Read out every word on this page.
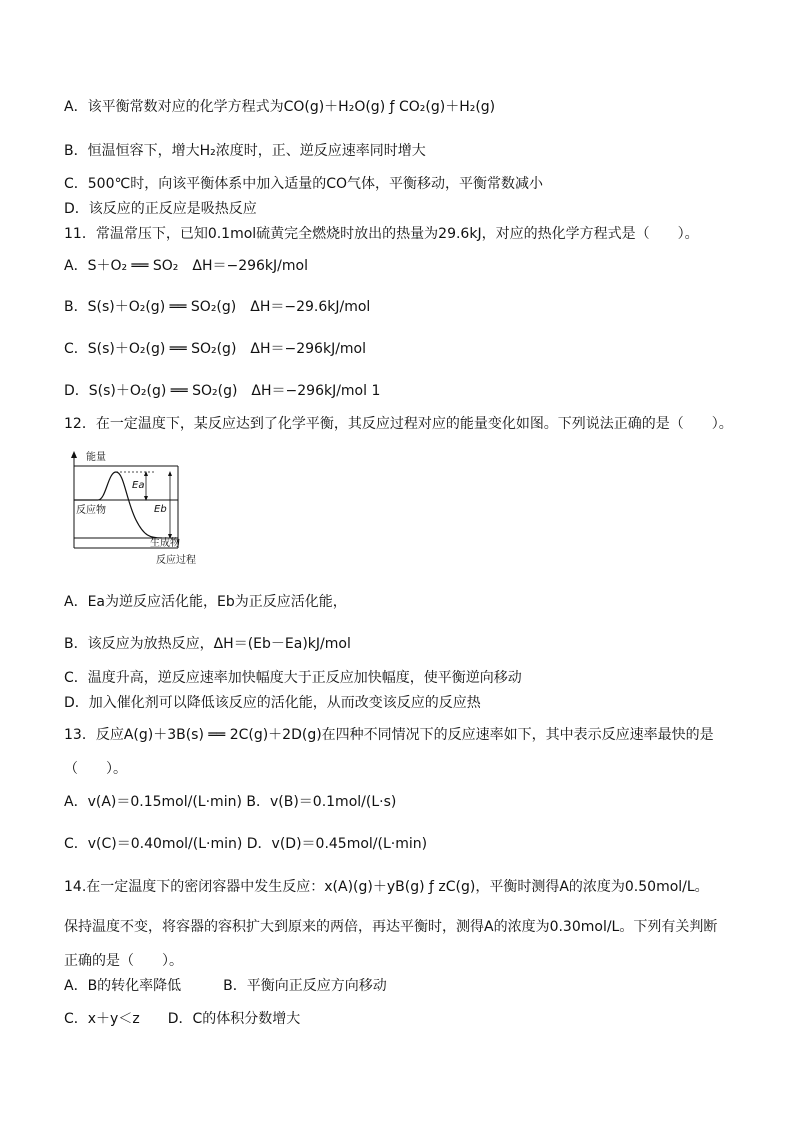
A．该平衡常数对应的化学方程式为CO(g)＋H₂O(g) ƒ CO₂(g)＋H₂(g)
B．恒温恒容下，增大H₂浓度时，正、逆反应速率同时增大
C．500℃时，向该平衡体系中加入适量的CO气体，平衡移动，平衡常数减小
D．该反应的正反应是吸热反应
11．常温常压下，已知0.1mol硫黄完全燃烧时放出的热量为29.6kJ，对应的热化学方程式是（　　）。
A．S＋O₂ ══ SO₂　ΔH＝−296kJ/mol
B．S(s)＋O₂(g) ══ SO₂(g)　ΔH＝−29.6kJ/mol
C．S(s)＋O₂(g) ══ SO₂(g)　ΔH＝−296kJ/mol
D．S(s)＋O₂(g) ══ SO₂(g)　ΔH＝−296kJ/mol 1
12．在一定温度下，某反应达到了化学平衡，其反应过程对应的能量变化如图。下列说法正确的是（　　）。
能量
Ea
Eb
反应物
生成物
反应过程
A．Ea为逆反应活化能，Eb为正反应活化能，
B．该反应为放热反应，ΔH＝(Eb－Ea)kJ/mol
C．温度升高，逆反应速率加快幅度大于正反应加快幅度，使平衡逆向移动
D．加入催化剂可以降低该反应的活化能，从而改变该反应的反应热
13．反应A(g)＋3B(s) ══ 2C(g)＋2D(g)在四种不同情况下的反应速率如下，其中表示反应速率最快的是
（　　）。
A．v(A)＝0.15mol/(L·min) B．v(B)＝0.1mol/(L·s)
C．v(C)＝0.40mol/(L·min) D．v(D)＝0.45mol/(L·min)
14.在一定温度下的密闭容器中发生反应：x(A)(g)＋yB(g) ƒ zC(g)，平衡时测得A的浓度为0.50mol/L。
保持温度不变，将容器的容积扩大到原来的两倍，再达平衡时，测得A的浓度为0.30mol/L。下列有关判断
正确的是（　　）。
A．B的转化率降低　　　B．平衡向正反应方向移动
C．x＋y＜z　　D．C的体积分数增大
